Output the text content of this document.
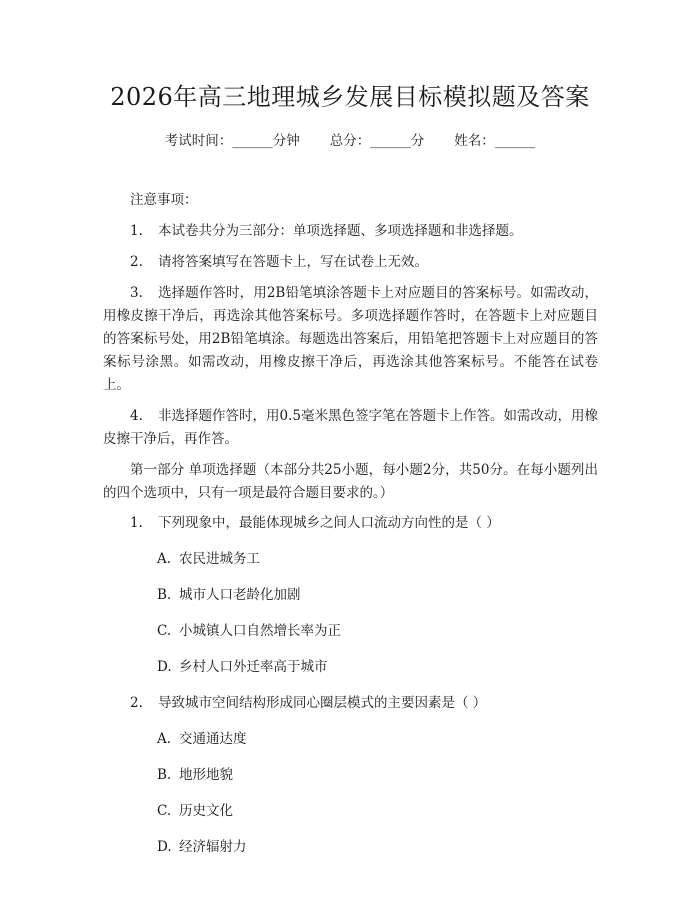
2026年高三地理城乡发展目标模拟题及答案
考试时间：______分钟 总分：______分 姓名：______

注意事项：

1. 本试卷共分为三部分：单项选择题、多项选择题和非选择题。

2. 请将答案填写在答题卡上，写在试卷上无效。

3. 选择题作答时，用2B铅笔填涂答题卡上对应题目的答案标号。如需改动，用橡皮擦干净后，再选涂其他答案标号。多项选择题作答时，在答题卡上对应题目的答案标号处，用2B铅笔填涂。每题选出答案后，用铅笔把答题卡上对应题目的答案标号涂黑。如需改动，用橡皮擦干净后，再选涂其他答案标号。不能答在试卷上。

4. 非选择题作答时，用0.5毫米黑色签字笔在答题卡上作答。如需改动，用橡皮擦干净后，再作答。

第一部分 单项选择题（本部分共25小题，每小题2分，共50分。在每小题列出的四个选项中，只有一项是最符合题目要求的。）

1. 下列现象中，最能体现城乡之间人口流动方向性的是（ ）

A. 农民进城务工

B. 城市人口老龄化加剧

C. 小城镇人口自然增长率为正

D. 乡村人口外迁率高于城市

2. 导致城市空间结构形成同心圈层模式的主要因素是（ ）

A. 交通通达度

B. 地形地貌

C. 历史文化

D. 经济辐射力
